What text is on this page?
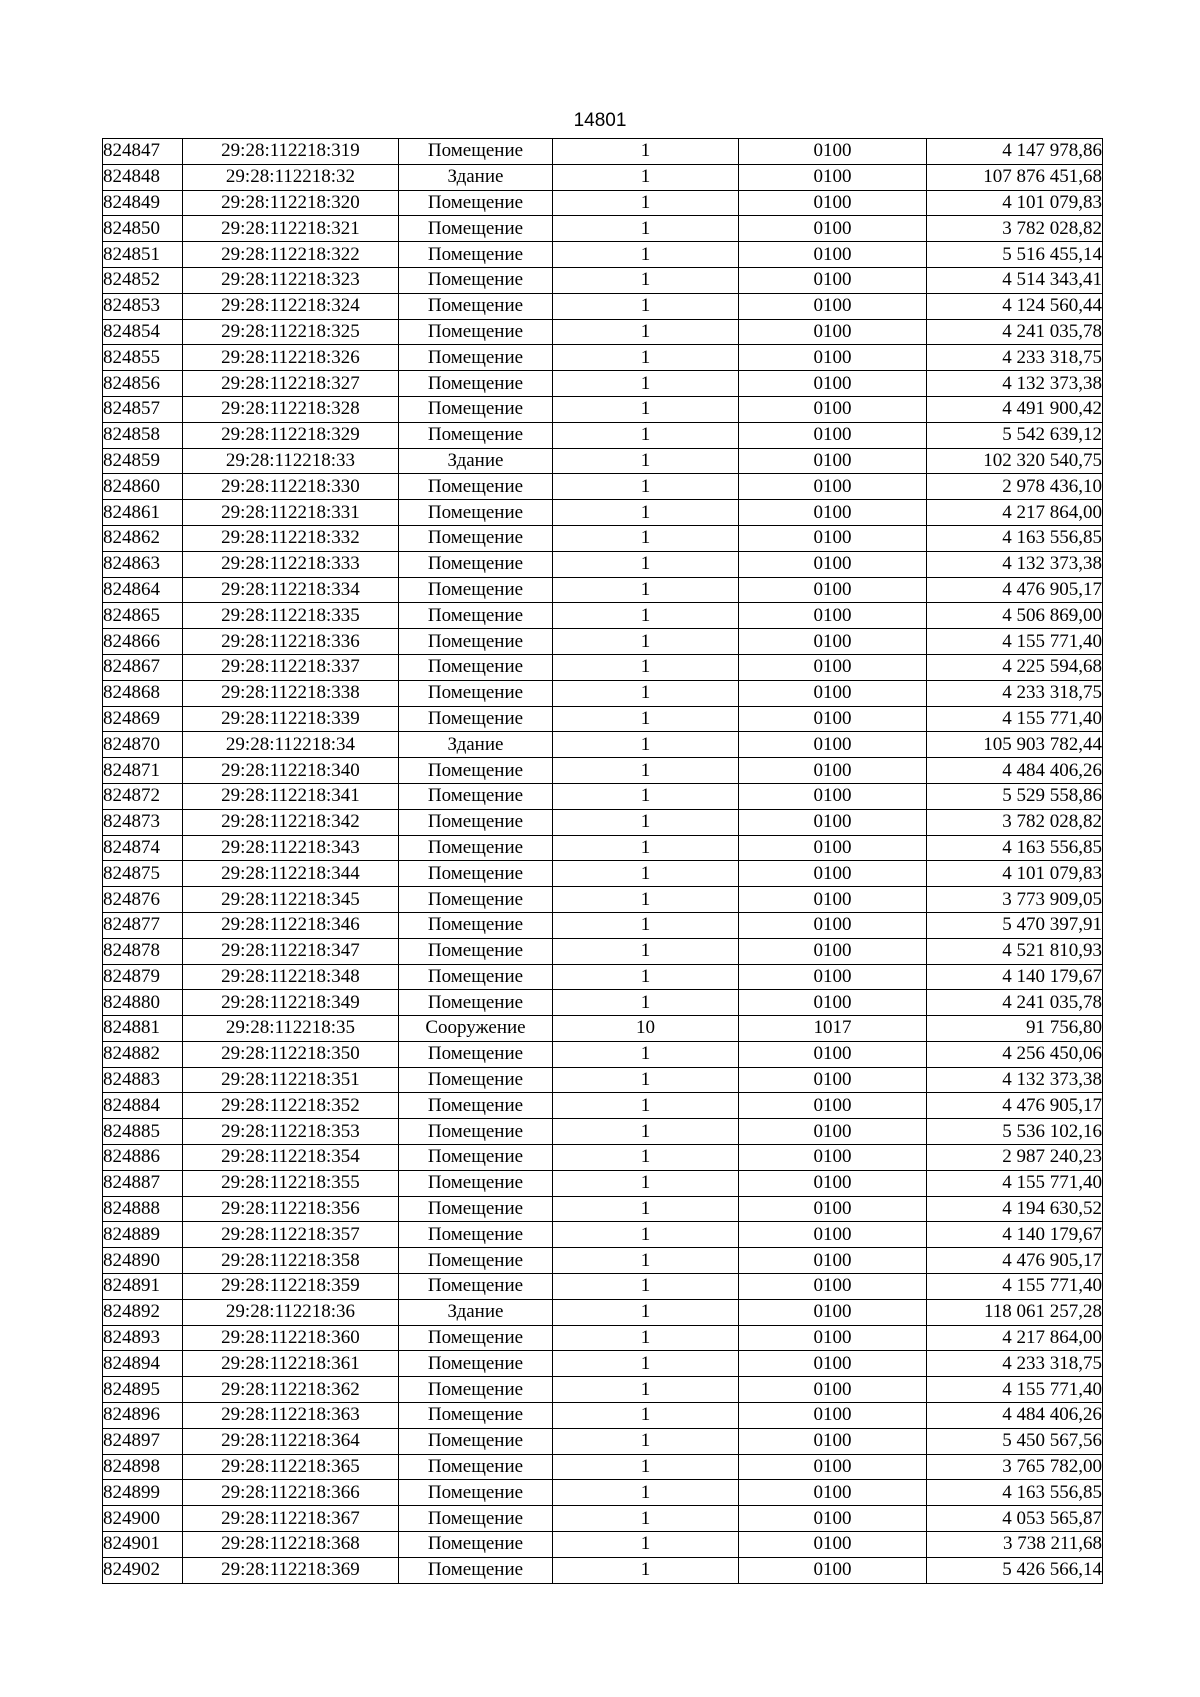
14801
824847	29:28:112218:319	Помещение	1	0100	4 147 978,86
824848	29:28:112218:32	Здание	1	0100	107 876 451,68
824849	29:28:112218:320	Помещение	1	0100	4 101 079,83
824850	29:28:112218:321	Помещение	1	0100	3 782 028,82
824851	29:28:112218:322	Помещение	1	0100	5 516 455,14
824852	29:28:112218:323	Помещение	1	0100	4 514 343,41
824853	29:28:112218:324	Помещение	1	0100	4 124 560,44
824854	29:28:112218:325	Помещение	1	0100	4 241 035,78
824855	29:28:112218:326	Помещение	1	0100	4 233 318,75
824856	29:28:112218:327	Помещение	1	0100	4 132 373,38
824857	29:28:112218:328	Помещение	1	0100	4 491 900,42
824858	29:28:112218:329	Помещение	1	0100	5 542 639,12
824859	29:28:112218:33	Здание	1	0100	102 320 540,75
824860	29:28:112218:330	Помещение	1	0100	2 978 436,10
824861	29:28:112218:331	Помещение	1	0100	4 217 864,00
824862	29:28:112218:332	Помещение	1	0100	4 163 556,85
824863	29:28:112218:333	Помещение	1	0100	4 132 373,38
824864	29:28:112218:334	Помещение	1	0100	4 476 905,17
824865	29:28:112218:335	Помещение	1	0100	4 506 869,00
824866	29:28:112218:336	Помещение	1	0100	4 155 771,40
824867	29:28:112218:337	Помещение	1	0100	4 225 594,68
824868	29:28:112218:338	Помещение	1	0100	4 233 318,75
824869	29:28:112218:339	Помещение	1	0100	4 155 771,40
824870	29:28:112218:34	Здание	1	0100	105 903 782,44
824871	29:28:112218:340	Помещение	1	0100	4 484 406,26
824872	29:28:112218:341	Помещение	1	0100	5 529 558,86
824873	29:28:112218:342	Помещение	1	0100	3 782 028,82
824874	29:28:112218:343	Помещение	1	0100	4 163 556,85
824875	29:28:112218:344	Помещение	1	0100	4 101 079,83
824876	29:28:112218:345	Помещение	1	0100	3 773 909,05
824877	29:28:112218:346	Помещение	1	0100	5 470 397,91
824878	29:28:112218:347	Помещение	1	0100	4 521 810,93
824879	29:28:112218:348	Помещение	1	0100	4 140 179,67
824880	29:28:112218:349	Помещение	1	0100	4 241 035,78
824881	29:28:112218:35	Сооружение	10	1017	91 756,80
824882	29:28:112218:350	Помещение	1	0100	4 256 450,06
824883	29:28:112218:351	Помещение	1	0100	4 132 373,38
824884	29:28:112218:352	Помещение	1	0100	4 476 905,17
824885	29:28:112218:353	Помещение	1	0100	5 536 102,16
824886	29:28:112218:354	Помещение	1	0100	2 987 240,23
824887	29:28:112218:355	Помещение	1	0100	4 155 771,40
824888	29:28:112218:356	Помещение	1	0100	4 194 630,52
824889	29:28:112218:357	Помещение	1	0100	4 140 179,67
824890	29:28:112218:358	Помещение	1	0100	4 476 905,17
824891	29:28:112218:359	Помещение	1	0100	4 155 771,40
824892	29:28:112218:36	Здание	1	0100	118 061 257,28
824893	29:28:112218:360	Помещение	1	0100	4 217 864,00
824894	29:28:112218:361	Помещение	1	0100	4 233 318,75
824895	29:28:112218:362	Помещение	1	0100	4 155 771,40
824896	29:28:112218:363	Помещение	1	0100	4 484 406,26
824897	29:28:112218:364	Помещение	1	0100	5 450 567,56
824898	29:28:112218:365	Помещение	1	0100	3 765 782,00
824899	29:28:112218:366	Помещение	1	0100	4 163 556,85
824900	29:28:112218:367	Помещение	1	0100	4 053 565,87
824901	29:28:112218:368	Помещение	1	0100	3 738 211,68
824902	29:28:112218:369	Помещение	1	0100	5 426 566,14
